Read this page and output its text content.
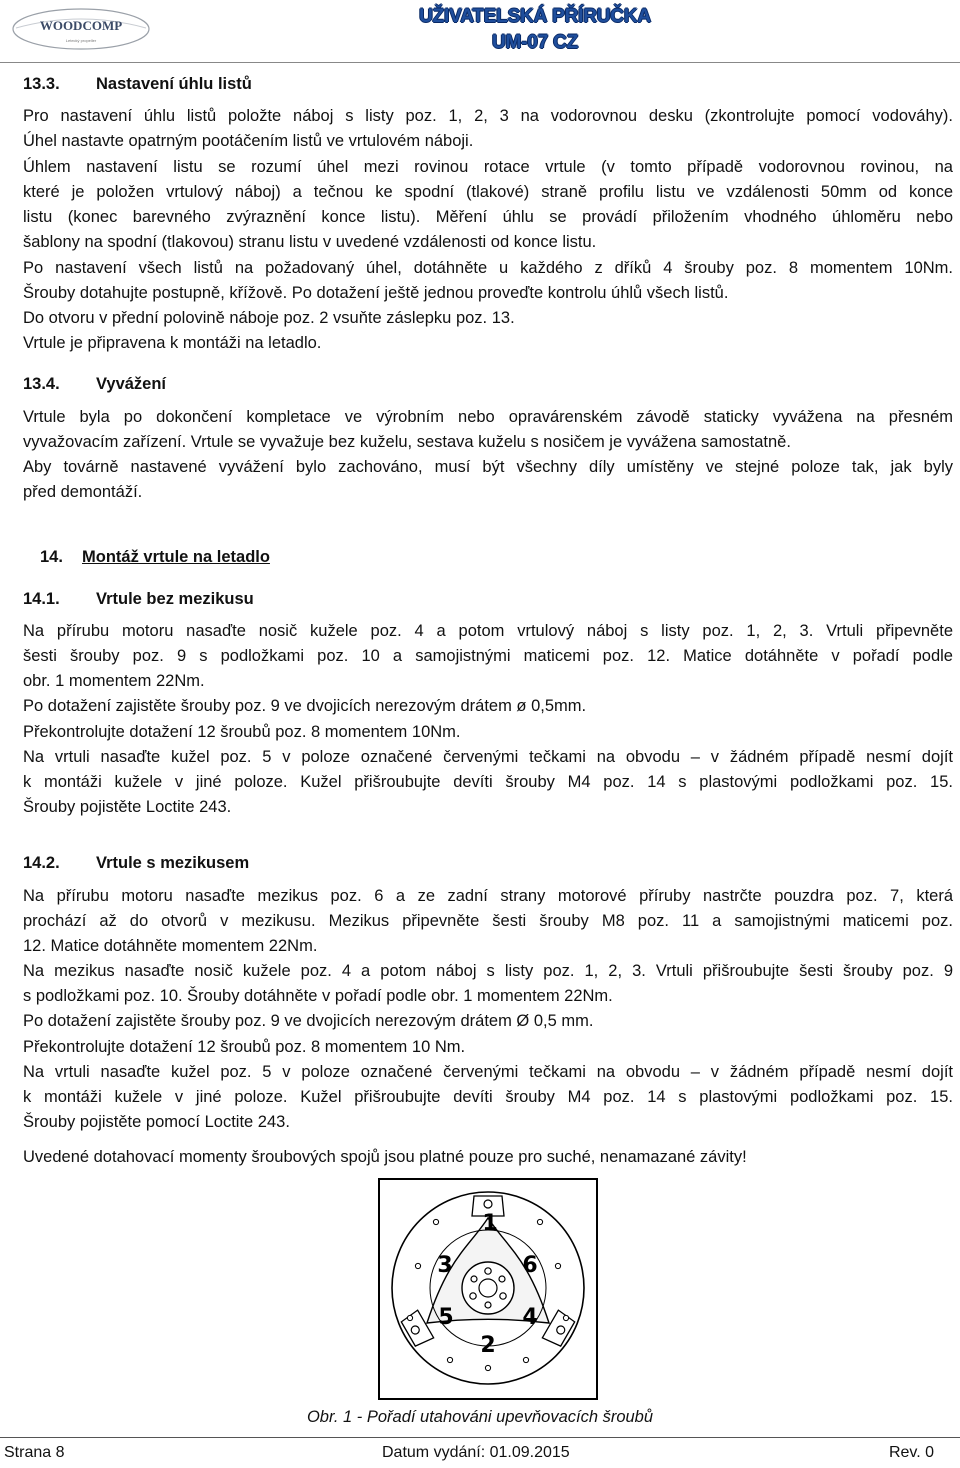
WOODCOMP
Letecký propeller
UŽIVATELSKÁ PŘÍRUČKA
UM-07 CZ
13.3. Nastavení úhlu listů
Pro nastavení úhlu listů položte náboj s listy poz. 1, 2, 3 na vodorovnou desku (zkontrolujte pomocí vodováhy).
Úhel nastavte opatrným pootáčením listů ve vrtulovém náboji.
Úhlem nastavení listu se rozumí úhel mezi rovinou rotace vrtule (v tomto případě vodorovnou rovinou, na
které je položen vrtulový náboj) a tečnou ke spodní (tlakové) straně profilu listu ve vzdálenosti 50mm od konce
listu (konec barevného zvýraznění konce listu). Měření úhlu se provádí přiložením vhodného úhloměru nebo
šablony na spodní (tlakovou) stranu listu v uvedené vzdálenosti od konce listu.
Po nastavení všech listů na požadovaný úhel, dotáhněte u každého z dříků 4 šrouby poz. 8 momentem 10Nm.
Šrouby dotahujte postupně, křížově. Po dotažení ještě jednou proveďte kontrolu úhlů všech listů.
Do otvoru v přední polovině náboje poz. 2 vsuňte záslepku poz. 13.
Vrtule je připravena k montáži na letadlo.
13.4. Vyvážení
Vrtule byla po dokončení kompletace ve výrobním nebo opravárenském závodě staticky vyvážena na přesném
vyvažovacím zařízení. Vrtule se vyvažuje bez kuželu, sestava kuželu s nosičem je vyvážena samostatně.
Aby továrně nastavené vyvážení bylo zachováno, musí být všechny díly umístěny ve stejné poloze tak, jak byly
před demontáží.
14. Montáž vrtule na letadlo
14.1. Vrtule bez mezikusu
Na přírubu motoru nasaďte nosič kužele poz. 4 a potom vrtulový náboj s listy poz. 1, 2, 3. Vrtuli připevněte
šesti šrouby poz. 9 s podložkami poz. 10 a samojistnými maticemi poz. 12. Matice dotáhněte v pořadí podle
obr. 1 momentem 22Nm.
Po dotažení zajistěte šrouby poz. 9 ve dvojicích nerezovým drátem ø 0,5mm.
Překontrolujte dotažení 12 šroubů poz. 8 momentem 10Nm.
Na vrtuli nasaďte kužel poz. 5 v poloze označené červenými tečkami na obvodu – v žádném případě nesmí dojít
k montáži kužele v jiné poloze. Kužel přišroubujte devíti šrouby M4 poz. 14 s plastovými podložkami poz. 15.
Šrouby pojistěte Loctite 243.
14.2. Vrtule s mezikusem
Na přírubu motoru nasaďte mezikus poz. 6 a ze zadní strany motorové příruby nastrčte pouzdra poz. 7, která
prochází až do otvorů v mezikusu. Mezikus připevněte šesti šrouby M8 poz. 11 a samojistnými maticemi poz.
12. Matice dotáhněte momentem 22Nm.
Na mezikus nasaďte nosič kužele poz. 4 a potom náboj s listy poz. 1, 2, 3. Vrtuli přišroubujte šesti šrouby poz. 9
s podložkami poz. 10. Šrouby dotáhněte v pořadí podle obr. 1 momentem 22Nm.
Po dotažení zajistěte šrouby poz. 9 ve dvojicích nerezovým drátem Ø 0,5 mm.
Překontrolujte dotažení 12 šroubů poz. 8 momentem 10 Nm.
Na vrtuli nasaďte kužel poz. 5 v poloze označené červenými tečkami na obvodu – v žádném případě nesmí dojít
k montáži kužele v jiné poloze. Kužel přišroubujte devíti šrouby M4 poz. 14 s plastovými podložkami poz. 15.
Šrouby pojistěte pomocí Loctite 243.
Uvedené dotahovací momenty šroubových spojů jsou platné pouze pro suché, nenamazané závity!
1
2
3
4
5
6
Obr. 1 - Pořadí utahováni upevňovacích šroubů
Strana 8	Datum vydání: 01.09.2015	Rev. 0
